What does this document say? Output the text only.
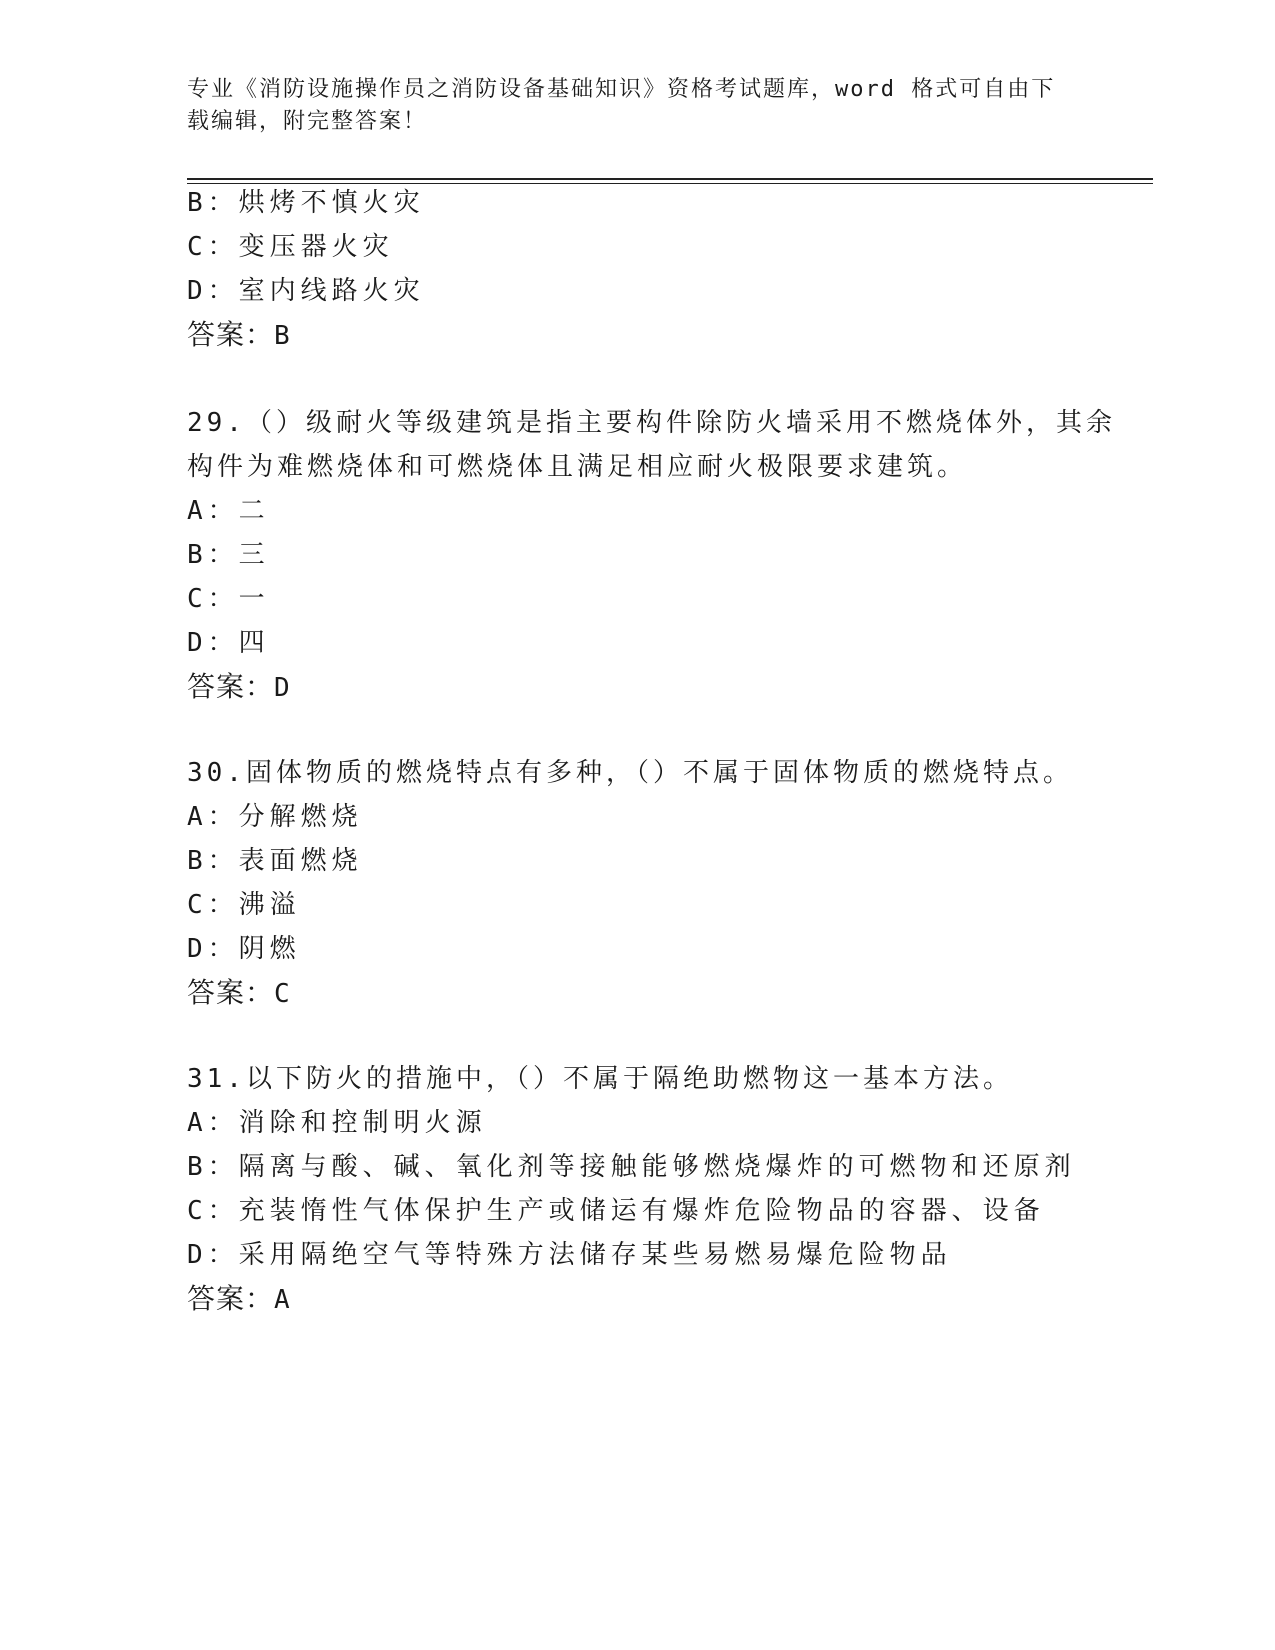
专业《消防设施操作员之消防设备基础知识》资格考试题库，word 格式可自由下
载编辑，附完整答案！
B：烘烤不慎火灾
C：变压器火灾
D：室内线路火灾
答案：B
29.（）级耐火等级建筑是指主要构件除防火墙采用不燃烧体外，其余
构件为难燃烧体和可燃烧体且满足相应耐火极限要求建筑。
A：二
B：三
C：一
D：四
答案：D
30.固体物质的燃烧特点有多种，（）不属于固体物质的燃烧特点。
A：分解燃烧
B：表面燃烧
C：沸溢
D：阴燃
答案：C
31.以下防火的措施中，（）不属于隔绝助燃物这一基本方法。
A：消除和控制明火源
B：隔离与酸、碱、氧化剂等接触能够燃烧爆炸的可燃物和还原剂
C：充装惰性气体保护生产或储运有爆炸危险物品的容器、设备
D：采用隔绝空气等特殊方法储存某些易燃易爆危险物品
答案：A
